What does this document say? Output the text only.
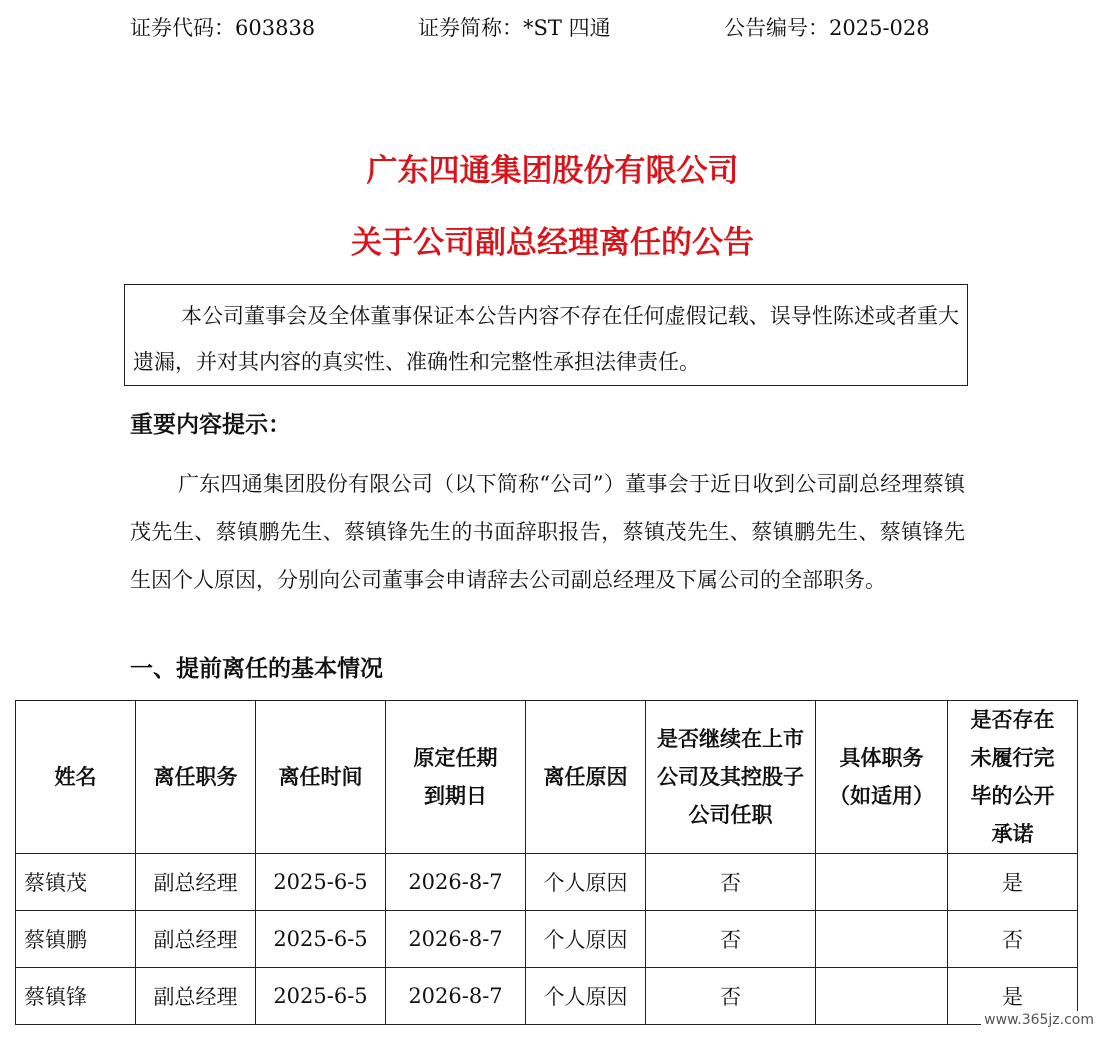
证券代码：603838	证券简称：*ST 四通	公告编号：2025-028
广东四通集团股份有限公司
关于公司副总经理离任的公告

本公司董事会及全体董事保证本公告内容不存在任何虚假记载、误导性陈述或者重大遗漏，并对其内容的真实性、准确性和完整性承担法律责任。

重要内容提示：

广东四通集团股份有限公司（以下简称“公司”）董事会于近日收到公司副总经理蔡镇茂先生、蔡镇鹏先生、蔡镇锋先生的书面辞职报告，蔡镇茂先生、蔡镇鹏先生、蔡镇锋先生因个人原因，分别向公司董事会申请辞去公司副总经理及下属公司的全部职务。

一、提前离任的基本情况
姓名	离任职务	离任时间	原定任期到期日	离任原因	是否继续在上市公司及其控股子公司任职	具体职务（如适用）	是否存在未履行完毕的公开承诺
蔡镇茂	副总经理	2025-6-5	2026-8-7	个人原因	否		是
蔡镇鹏	副总经理	2025-6-5	2026-8-7	个人原因	否		否
蔡镇锋	副总经理	2025-6-5	2026-8-7	个人原因	否		是
www.365jz.com
